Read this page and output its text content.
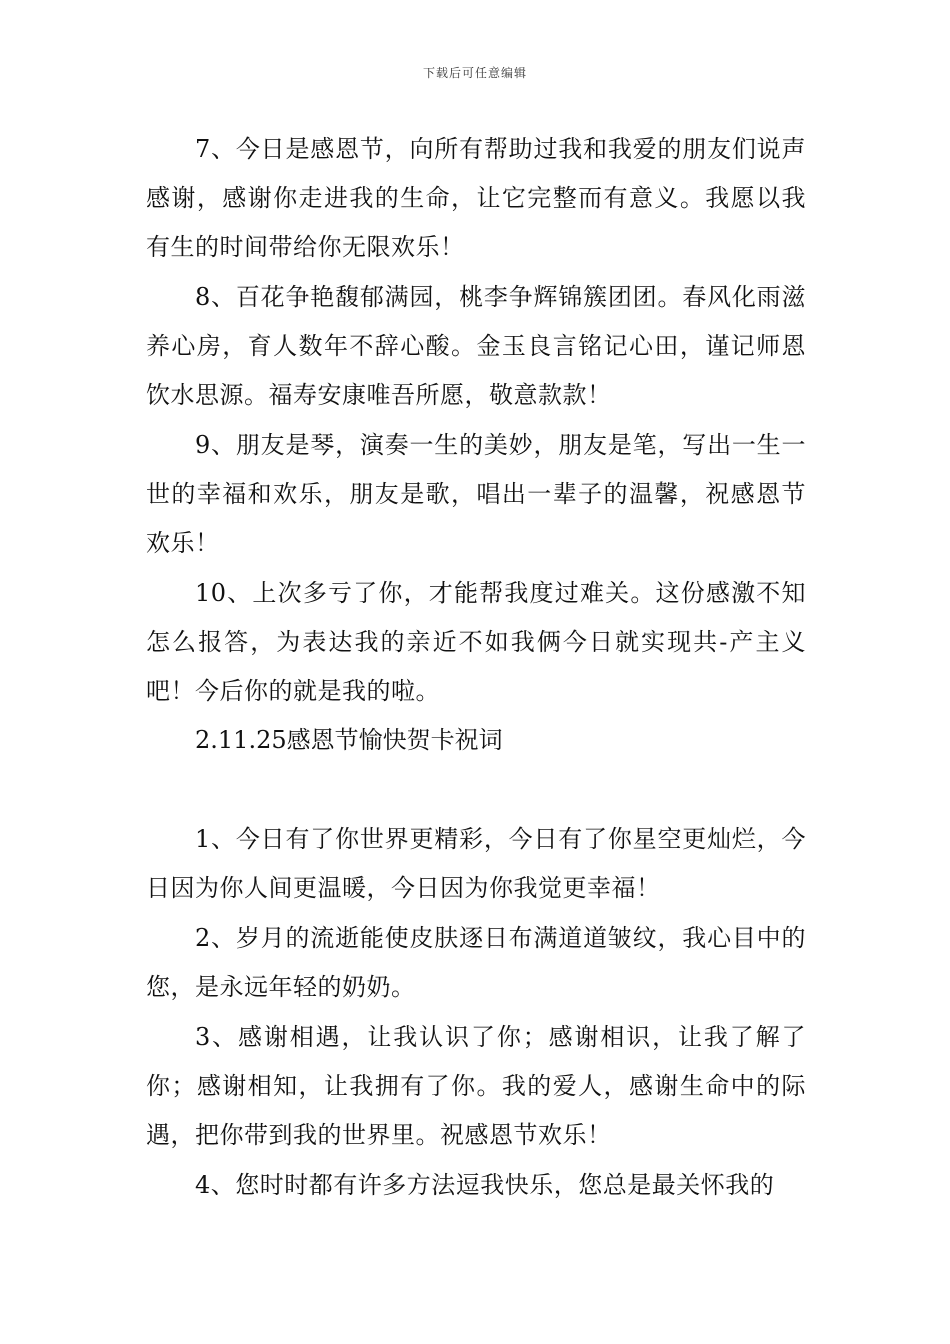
下载后可任意编辑

7、今日是感恩节，向所有帮助过我和我爱的朋友们说声感谢，感谢你走进我的生命，让它完整而有意义。我愿以我有生的时间带给你无限欢乐！

8、百花争艳馥郁满园，桃李争辉锦簇团团。春风化雨滋养心房，育人数年不辞心酸。金玉良言铭记心田，谨记师恩饮水思源。福寿安康唯吾所愿，敬意款款！

9、朋友是琴，演奏一生的美妙，朋友是笔，写出一生一世的幸福和欢乐，朋友是歌，唱出一辈子的温馨，祝感恩节欢乐！

10、上次多亏了你，才能帮我度过难关。这份感激不知怎么报答，为表达我的亲近不如我俩今日就实现共-产主义吧！今后你的就是我的啦。

2.11.25感恩节愉快贺卡祝词

1、今日有了你世界更精彩，今日有了你星空更灿烂，今日因为你人间更温暖，今日因为你我觉更幸福！

2、岁月的流逝能使皮肤逐日布满道道皱纹，我心目中的您，是永远年轻的奶奶。

3、感谢相遇，让我认识了你；感谢相识，让我了解了你；感谢相知，让我拥有了你。我的爱人，感谢生命中的际遇，把你带到我的世界里。祝感恩节欢乐！

4、您时时都有许多方法逗我快乐，您总是最关怀我的
